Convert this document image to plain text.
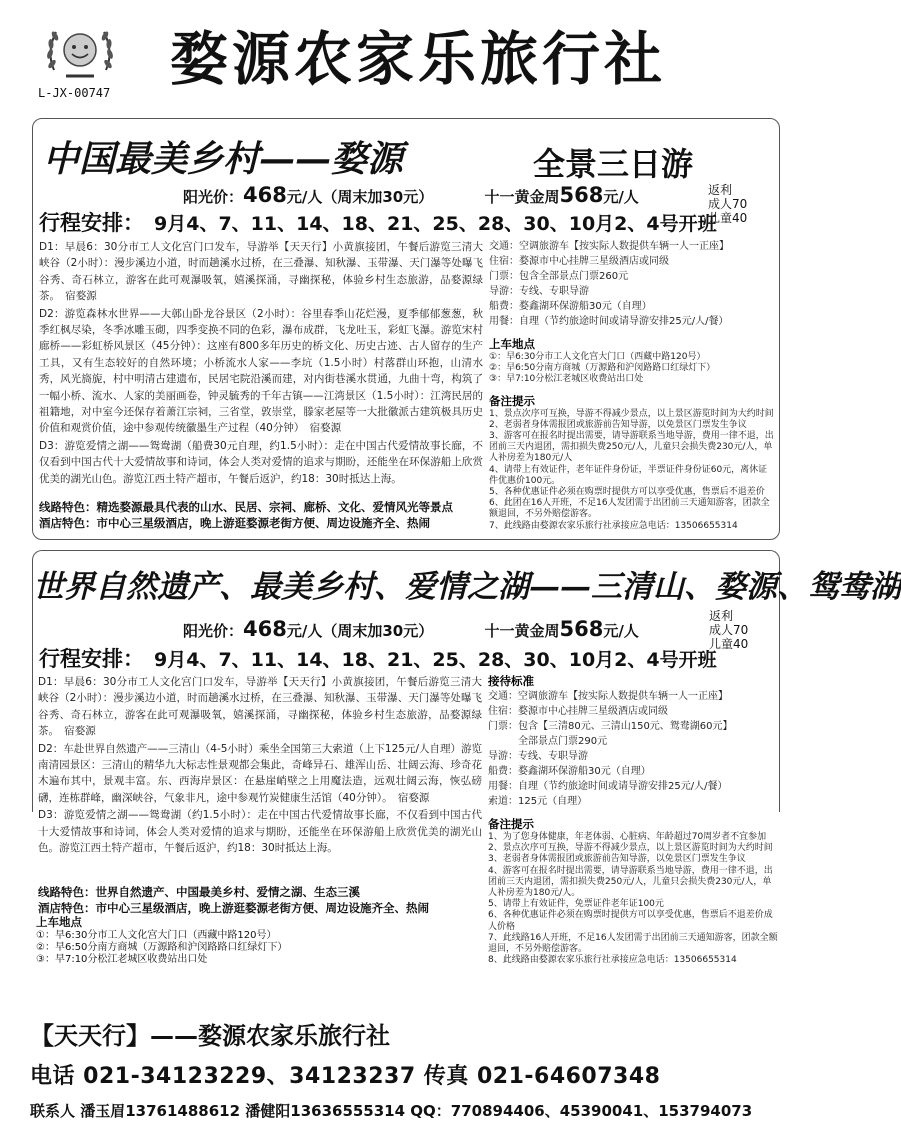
L-JX-00747 婺源农家乐旅行社
中国最美乡村——婺源	全景三日游
阳光价：468元/人（周末加30元）	十一黄金周568元/人	返利
成人70
儿童40
行程安排： 9月4、7、11、14、18、21、25、28、30、10月2、4号开班
D1：早晨6：30分市工人文化宫门口发车，导游举【天天行】小黄旗接团，午餐后游览三清大峡谷（2小时）：漫步溪边小道，时而趟溪水过桥，在三叠瀑、知秋瀑、玉带瀑、天门瀑等处曝飞谷秀、奇石林立，游客在此可观瀑吸氧，嬉溪探涌，寻幽探秘，体验乡村生态旅游，品婺源绿茶。　宿婺源
D2：游览森林水世界——大鄣山卧龙谷景区（2小时）：谷里春季山花烂漫，夏季郁郁葱葱，秋季红枫尽染，冬季冰雕玉砌，四季变换不同的色彩，瀑布成群，飞龙吐玉，彩虹飞瀑。游览宋村廊桥——彩虹桥风景区（45分钟）：这座有800多年历史的桥文化、历史古迹、古人留存的生产工具，又有生态较好的自然环境；小桥流水人家——李坑（1.5小时）村落群山环抱，山清水秀，风光旖旎，村中明清古建遗布，民居宅院沿溪而建，对内街巷溪水贯通，九曲十弯，构筑了一幅小桥、流水、人家的美丽画卷，钟灵毓秀的千年古镇——江湾景区（1.5小时）：江湾民居的祖籍地，对中室今还保存着萧江宗祠，三省堂，敦崇堂，滕家老屋等一大批徽派古建筑极具历史价值和观赏价值，途中参观传统徽墨生产过程（40分钟）　宿婺源
D3：游览爱情之湖——鸳鸯湖（船费30元自理，约1.5小时）：走在中国古代爱情故事长廊，不仅看到中国古代十大爱情故事和诗词，体会人类对爱情的追求与期盼，还能坐在环保游船上欣赏优美的湖光山色。游览江西土特产超市，午餐后返沪，约18：30时抵达上海。
线路特色：精选婺源最具代表的山水、民居、宗祠、廊桥、文化、爱情风光等景点
酒店特色：市中心三星级酒店，晚上游逛婺源老街方便、周边设施齐全、热闹
交通：空调旅游车【按实际人数提供车辆一人一正座】
住宿：婺源市中心挂牌三星级酒店或同级
门票：包含全部景点门票260元
导游：专线、专职导游
船费：婺鑫湖环保游船30元（自理）
用餐：自理（节约旅途时间或请导游安排25元/人/餐）
上车地点
①：早6:30分市工人文化宫大门口（西藏中路120号）
②：早6:50分南方商城（万源路和沪闵路路口红绿灯下）
③：早7:10分松江老城区收费站出口处
备注提示
1、景点次序可互换，导游不得减少景点，以上景区游览时间为大约时间
2、老弱者身体需报团或旅游前告知导游，以免景区门票发生争议
3、游客可在报名时提出需要，请导游联系当地导游，费用一律不退，出团前三天内退团，需扣损失费250元/人，儿童只会损失费230元/人，单人补房差为180元/人
4、请带上有效证件，老年证件身份证，半票证件身份证60元，离休证件优惠价100元。
5、各种优惠证件必须在购票时提供方可以享受优惠，售票后不退差价
6、此团在16人开班，不足16人发团需于出团前三天通知游客，团款全额退回，不另外赔偿游客。
7、此线路由婺源农家乐旅行社承接应急电话：13506655314
世界自然遗产、最美乡村、爱情之湖——三清山、婺源、鸳鸯湖
阳光价：468元/人（周末加30元）	十一黄金周568元/人
返利
成人70
儿童40
行程安排： 9月4、7、11、14、18、21、25、28、30、10月2、4号开班
D1：早晨6：30分市工人文化宫门口发车，导游举【天天行】小黄旗接团，午餐后游览三清大峡谷（2小时）：漫步溪边小道，时而趟溪水过桥，在三叠瀑、知秋瀑、玉带瀑、天门瀑等处曝飞谷秀、奇石林立，游客在此可观瀑吸氧，嬉溪探涌，寻幽探秘，体验乡村生态旅游，品婺源绿茶。　宿婺源
D2：车赴世界自然遗产——三清山（4-5小时）乘坐全国第三大索道（上下125元/人自理）游览南清园景区：三清山的精华九大标志性景观都会集此，奇峰异石、雄浑山岳、壮阔云海、珍奇花木遍布其中，景观丰富。东、西海岸景区：在悬崖峭壁之上用魔法造，远观壮阔云海，恢弘磅礴，连栋群峰，幽深峡谷，气象非凡，途中参观竹炭健康生活馆（40分钟）。　宿婺源
D3：游览爱情之湖——鸳鸯湖（约1.5小时）：走在中国古代爱情故事长廊，不仅看到中国古代十大爱情故事和诗词，体会人类对爱情的追求与期盼，还能坐在环保游船上欣赏优美的湖光山色。游览江西土特产超市，午餐后返沪，约18：30时抵达上海。
线路特色：世界自然遗产、中国最美乡村、爱情之湖、生态三溪
酒店特色：市中心三星级酒店，晚上游逛婺源老街方便、周边设施齐全、热闹
上车地点
①：早6:30分市工人文化宫大门口（西藏中路120号）
②：早6:50分南方商城（万源路和沪闵路路口红绿灯下）
③：早7:10分松江老城区收费站出口处
接待标准
交通：空调旅游车【按实际人数提供车辆一人一正座】
住宿：婺源市中心挂牌三星级酒店或同级
门票：包含【三清80元、三清山150元、鸳鸯湖60元】
　　　全部景点门票290元
导游：专线、专职导游
船费：婺鑫湖环保游船30元（自理）
用餐：自理（节约旅途时间或请导游安排25元/人/餐）
索道：125元（自理）
备注提示
1、为了您身体健康，年老体弱、心脏病、年龄超过70周岁者不宜参加
2、景点次序可互换，导游不得减少景点，以上景区游览时间为大约时间
3、老弱者身体需报团或旅游前告知导游，以免景区门票发生争议
4、游客可在报名时提出需要，请导游联系当地导游，费用一律不退，出团前三天内退团，需扣损失费250元/人，儿童只会损失费230元/人，单人补房差为180元/人。
5、请带上有效证件，免票证件老年证100元
6、各种优惠证件必须在购票时提供方可以享受优惠，售票后不退差价成人价格
7、此线路16人开班，不足16人发团需于出团前三天通知游客，团款全额退回，不另外赔偿游客。
8、此线路由婺源农家乐旅行社承接应急电话：13506655314
【天天行】——婺源农家乐旅行社
电话 021-34123229、34123237 传真 021-64607348
联系人 潘玉眉13761488612 潘健阳13636555314 QQ：770894406、45390041、153794073
